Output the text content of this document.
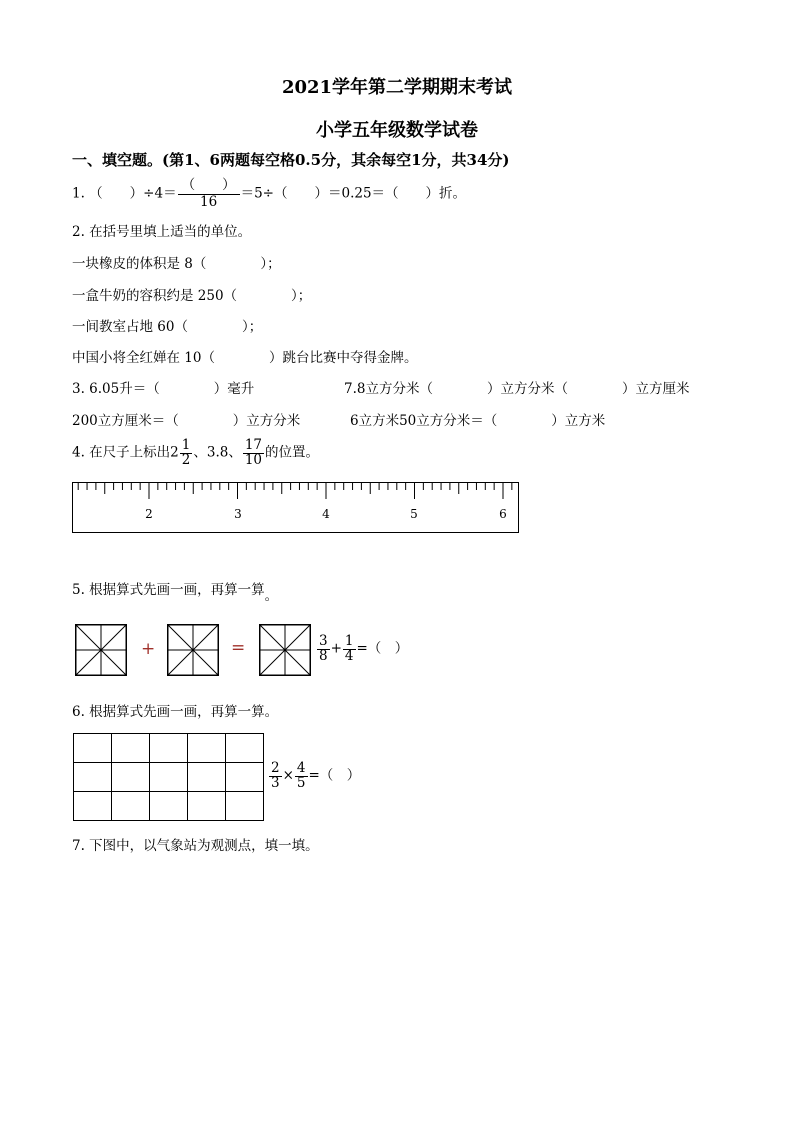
2021学年第二学期期末考试
小学五年级数学试卷
一、填空题。(第1、6两题每空格0.5分，其余每空1分，共34分)
1. （　　）$\div 4= \frac{( )}{16} =5\div$（　　）＝0.25＝（　　）折。
2. 在括号里填上适当的单位。
一块橡皮的体积是 8（　　　　）；
一盒牛奶的容积约是 250（　　　　）；
一间教室占地 60（　　　　）；
中国小将全红婵在 10（　　　　）跳台比赛中夺得金牌。
3. 6.05升＝（　　　　）毫升	7.8立方分米（　　　　）立方分米（　　　　）立方厘米
200立方厘米＝（　　　　）立方分米	6立方米50立方分米＝（　　　　）立方米
4. 在尺子上标出$2 \frac{1}{2}$ 、3.8、 $\frac{17}{10}$ 的位置。
2	3	4	5	6
5. 根据算式先画一画，再算一算。
+	=	$\frac{3}{8} + \frac{1}{4}$ =（　）
6. 根据算式先画一画，再算一算。

$\frac{2}{3} \times \frac{4}{5}$ =（　）
7. 下图中，以气象站为观测点，填一填。
